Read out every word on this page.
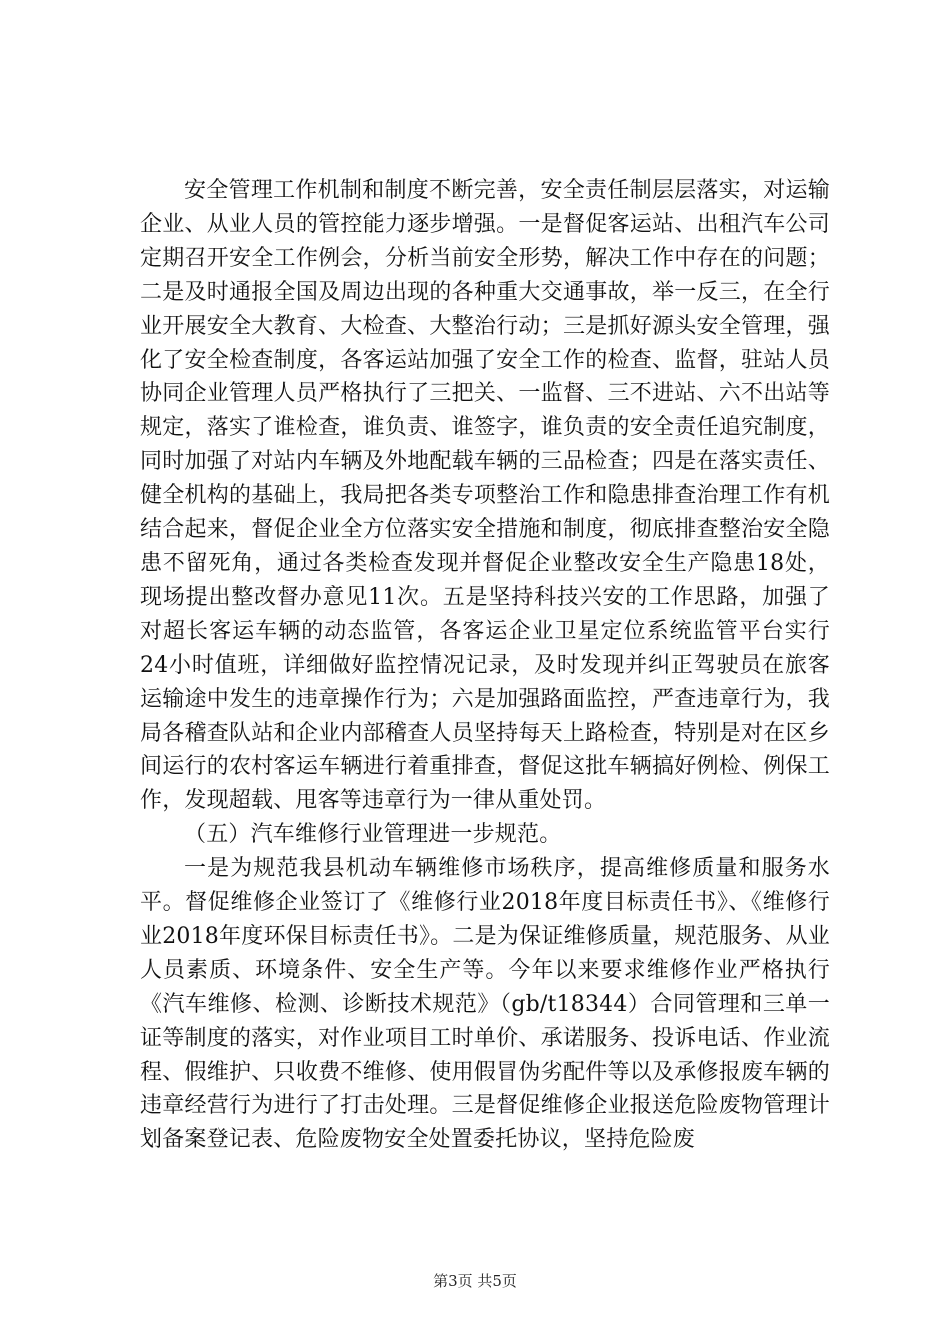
安全管理工作机制和制度不断完善，安全责任制层层落实，对运输企业、从业人员的管控能力逐步增强。一是督促客运站、出租汽车公司定期召开安全工作例会，分析当前安全形势，解决工作中存在的问题；二是及时通报全国及周边出现的各种重大交通事故，举一反三，在全行业开展安全大教育、大检查、大整治行动；三是抓好源头安全管理，强化了安全检查制度，各客运站加强了安全工作的检查、监督，驻站人员协同企业管理人员严格执行了三把关、一监督、三不进站、六不出站等规定，落实了谁检查，谁负责、谁签字，谁负责的安全责任追究制度，同时加强了对站内车辆及外地配载车辆的三品检查；四是在落实责任、健全机构的基础上，我局把各类专项整治工作和隐患排查治理工作有机结合起来，督促企业全方位落实安全措施和制度，彻底排查整治安全隐患不留死角，通过各类检查发现并督促企业整改安全生产隐患18处，现场提出整改督办意见11次。五是坚持科技兴安的工作思路，加强了对超长客运车辆的动态监管，各客运企业卫星定位系统监管平台实行24小时值班，详细做好监控情况记录，及时发现并纠正驾驶员在旅客运输途中发生的违章操作行为；六是加强路面监控，严查违章行为，我局各稽查队站和企业内部稽查人员坚持每天上路检查，特别是对在区乡间运行的农村客运车辆进行着重排查，督促这批车辆搞好例检、例保工作，发现超载、甩客等违章行为一律从重处罚。

（五）汽车维修行业管理进一步规范。

一是为规范我县机动车辆维修市场秩序，提高维修质量和服务水平。督促维修企业签订了《维修行业2018年度目标责任书》、《维修行业2018年度环保目标责任书》。二是为保证维修质量，规范服务、从业人员素质、环境条件、安全生产等。今年以来要求维修作业严格执行《汽车维修、检测、诊断技术规范》（gb/t18344）合同管理和三单一证等制度的落实，对作业项目工时单价、承诺服务、投诉电话、作业流程、假维护、只收费不维修、使用假冒伪劣配件等以及承修报废车辆的违章经营行为进行了打击处理。三是督促维修企业报送危险废物管理计划备案登记表、危险废物安全处置委托协议，坚持危险废

第3页 共5页
